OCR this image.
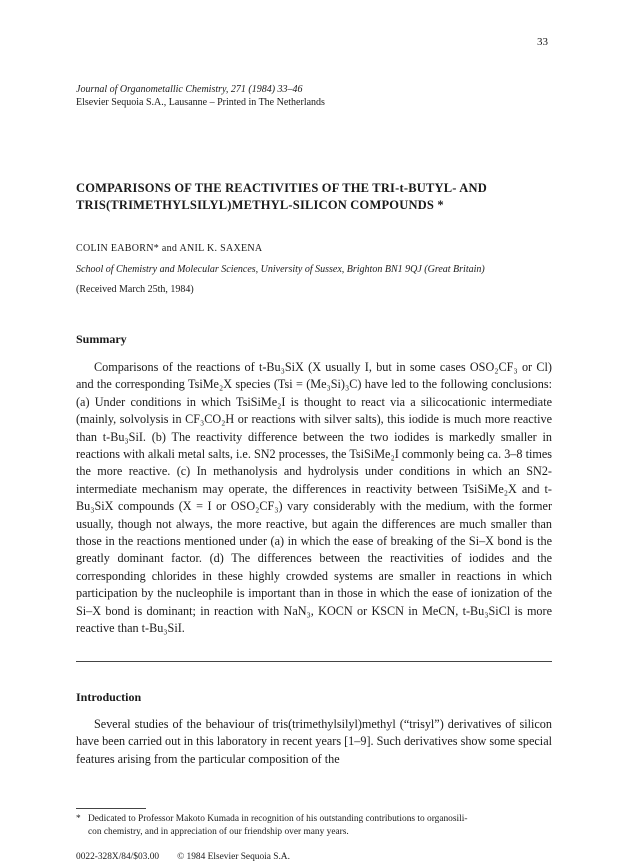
33
Journal of Organometallic Chemistry, 271 (1984) 33–46
Elsevier Sequoia S.A., Lausanne – Printed in The Netherlands
COMPARISONS OF THE REACTIVITIES OF THE TRI-t-BUTYL- AND
TRIS(TRIMETHYLSILYL)METHYL-SILICON COMPOUNDS *
COLIN EABORN* and ANIL K. SAXENA
School of Chemistry and Molecular Sciences, University of Sussex, Brighton BN1 9QJ (Great Britain)
(Received March 25th, 1984)
Summary

Comparisons of the reactions of t-Bu₃SiX (X usually I, but in some cases OSO₂CF₃ or Cl) and the corresponding TsiMe₂X species (Tsi = (Me₃Si)₃C) have led to the following conclusions: (a) Under conditions in which TsiSiMe₂I is thought to react via a silicocationic intermediate (mainly, solvolysis in CF₃CO₂H or reactions with silver salts), this iodide is much more reactive than t-Bu₃SiI. (b) The reactivity difference between the two iodides is markedly smaller in reactions with alkali metal salts, i.e. SN2 processes, the TsiSiMe₂I commonly being ca. 3–8 times the more reactive. (c) In methanolysis and hydrolysis under conditions in which an SN2-intermediate mechanism may operate, the differences in reactivity between TsiSiMe₂X and t-Bu₃SiX compounds (X = I or OSO₂CF₃) vary considerably with the medium, with the former usually, though not always, the more reactive, but again the differences are much smaller than those in the reactions mentioned under (a) in which the ease of breaking of the Si–X bond is the greatly dominant factor. (d) The differences between the reactivities of iodides and the corresponding chlorides in these highly crowded systems are smaller in reactions in which participation by the nucleophile is important than in those in which the ease of ionization of the Si–X bond is dominant; in reaction with NaN₃, KOCN or KSCN in MeCN, t-Bu₃SiCl is more reactive than t-Bu₃SiI.

Introduction

Several studies of the behaviour of tris(trimethylsilyl)methyl (“trisyl”) derivatives of silicon have been carried out in this laboratory in recent years [1–9]. Such derivatives show some special features arising from the particular composition of the

* Dedicated to Professor Makoto Kumada in recognition of his outstanding contributions to organosili-
con chemistry, and in appreciation of our friendship over many years.
0022-328X/84/$03.00 © 1984 Elsevier Sequoia S.A.
